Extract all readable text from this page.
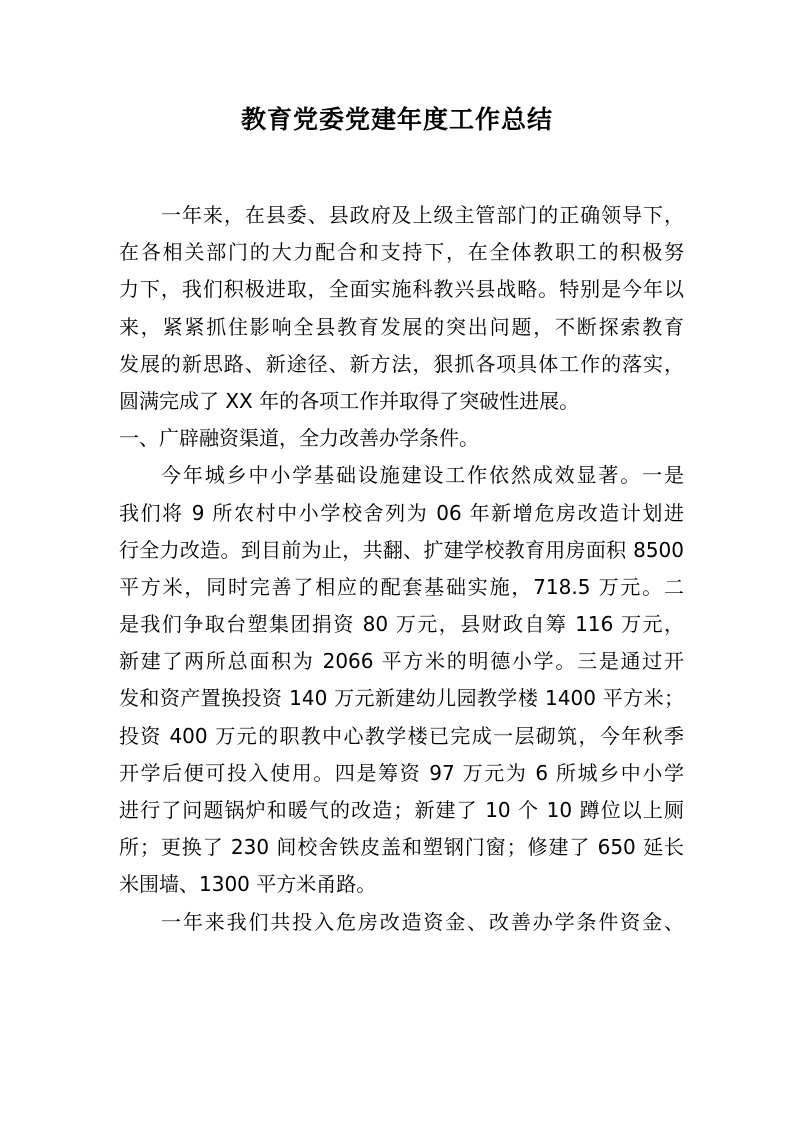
教育党委党建年度工作总结
一年来，在县委、县政府及上级主管部门的正确领导下，
在各相关部门的大力配合和支持下，在全体教职工的积极努
力下，我们积极进取，全面实施科教兴县战略。特别是今年以
来，紧紧抓住影响全县教育发展的突出问题，不断探索教育
发展的新思路、新途径、新方法，狠抓各项具体工作的落实，
圆满完成了 XX 年的各项工作并取得了突破性进展。
一、广辟融资渠道，全力改善办学条件。
今年城乡中小学基础设施建设工作依然成效显著。一是
我们将 9 所农村中小学校舍列为 06 年新增危房改造计划进
行全力改造。到目前为止，共翻、扩建学校教育用房面积 8500
平方米，同时完善了相应的配套基础实施，718.5 万元。二
是我们争取台塑集团捐资 80 万元，县财政自筹 116 万元，
新建了两所总面积为 2066 平方米的明德小学。三是通过开
发和资产置换投资 140 万元新建幼儿园教学楼 1400 平方米；
投资 400 万元的职教中心教学楼已完成一层砌筑，今年秋季
开学后便可投入使用。四是筹资 97 万元为 6 所城乡中小学
进行了问题锅炉和暖气的改造；新建了 10 个 10 蹲位以上厕
所；更换了 230 间校舍铁皮盖和塑钢门窗；修建了 650 延长
米围墙、1300 平方米甬路。
一年来我们共投入危房改造资金、改善办学条件资金、
